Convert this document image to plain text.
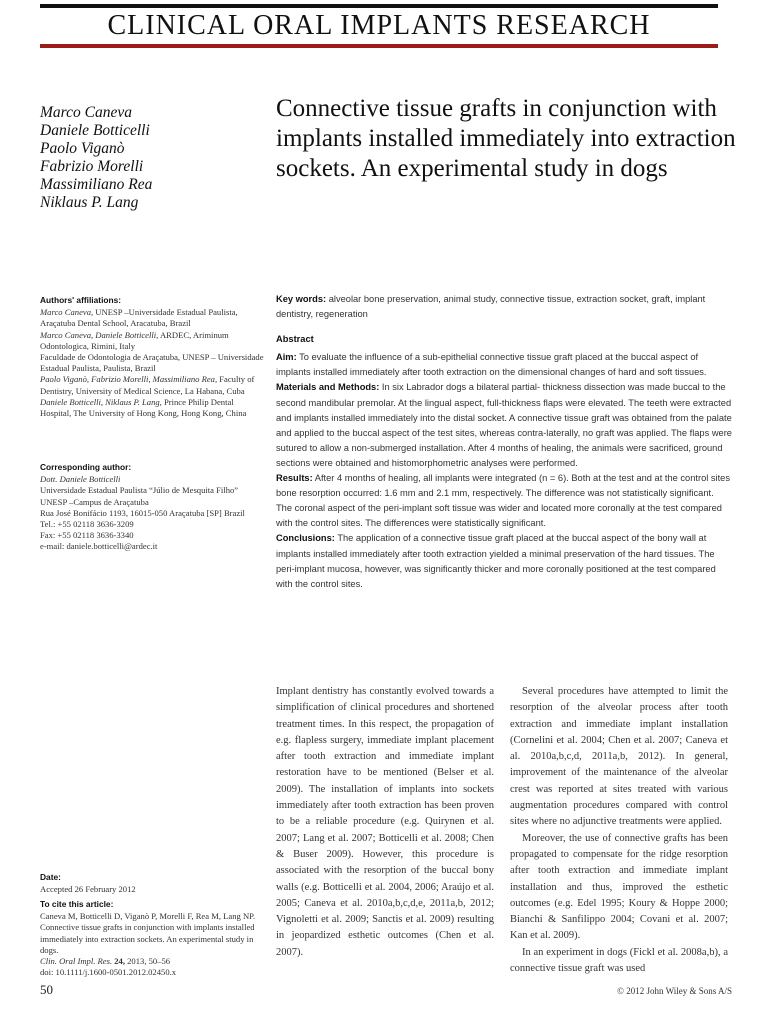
CLINICAL ORAL IMPLANTS RESEARCH
Marco Caneva
Daniele Botticelli
Paolo Viganò
Fabrizio Morelli
Massimiliano Rea
Niklaus P. Lang
Connective tissue grafts in conjunction with implants installed immediately into extraction sockets. An experimental study in dogs
Authors' affiliations:
Marco Caneva, UNESP –Universidade Estadual Paulista, Araçatuba Dental School, Aracatuba, Brazil
Marco Caneva, Daniele Botticelli, ARDEC, Ariminum Odontologica, Rimini, Italy
Faculdade de Odontologia de Araçatuba, UNESP – Universidade Estadual Paulista, Paulista, Brazil
Paolo Viganò, Fabrizio Morelli, Massimiliano Rea, Faculty of Dentistry, University of Medical Science, La Habana, Cuba
Daniele Botticelli, Niklaus P. Lang, Prince Philip Dental Hospital, The University of Hong Kong, Hong Kong, China
Corresponding author:
Dott. Daniele Botticelli
Universidade Estadual Paulista “Júlio de Mesquita Filho”
UNESP –Campus de Araçatuba
Rua José Bonifácio 1193, 16015-050 Araçatuba [SP] Brazil
Tel.: +55 02118 3636-3209
Fax: +55 02118 3636-3340
e-mail: daniele.botticelli@ardec.it
Date:
Accepted 26 February 2012
To cite this article:
Caneva M, Botticelli D, Viganò P, Morelli F, Rea M, Lang NP. Connective tissue grafts in conjunction with implants installed immediately into extraction sockets. An experimental study in dogs.
Clin. Oral Impl. Res. 24, 2013, 50–56
doi: 10.1111/j.1600-0501.2012.02450.x

Key words: alveolar bone preservation, animal study, connective tissue, extraction socket, graft, implant dentistry, regeneration

Abstract

Aim: To evaluate the influence of a sub-epithelial connective tissue graft placed at the buccal aspect of implants installed immediately after tooth extraction on the dimensional changes of hard and soft tissues.

Materials and Methods: In six Labrador dogs a bilateral partial- thickness dissection was made buccal to the second mandibular premolar. At the lingual aspect, full-thickness flaps were elevated. The teeth were extracted and implants installed immediately into the distal socket. A connective tissue graft was obtained from the palate and applied to the buccal aspect of the test sites, whereas contra-laterally, no graft was applied. The flaps were sutured to allow a non-submerged installation. After 4 months of healing, the animals were sacrificed, ground sections were obtained and histomorphometric analyses were performed.

Results: After 4 months of healing, all implants were integrated (n = 6). Both at the test and at the control sites bone resorption occurred: 1.6 mm and 2.1 mm, respectively. The difference was not statistically significant. The coronal aspect of the peri-implant soft tissue was wider and located more coronally at the test compared with the control sites. The differences were statistically significant.

Conclusions: The application of a connective tissue graft placed at the buccal aspect of the bony wall at implants installed immediately after tooth extraction yielded a minimal preservation of the hard tissues. The peri-implant mucosa, however, was significantly thicker and more coronally positioned at the test compared with the control sites.

Implant dentistry has constantly evolved towards a simplification of clinical procedures and shortened treatment times. In this respect, the propagation of e.g. flapless surgery, immediate implant placement after tooth extraction and immediate implant restoration have to be mentioned (Belser et al. 2009). The installation of implants into sockets immediately after tooth extraction has been proven to be a reliable procedure (e.g. Quirynen et al. 2007; Lang et al. 2007; Botticelli et al. 2008; Chen & Buser 2009). However, this procedure is associated with the resorption of the buccal bony walls (e.g. Botticelli et al. 2004, 2006; Araújo et al. 2005; Caneva et al. 2010a,b,c,d,e, 2011a,b, 2012; Vignoletti et al. 2009; Sanctis et al. 2009) resulting in jeopardized esthetic outcomes (Chen et al. 2007).

Several procedures have attempted to limit the resorption of the alveolar process after tooth extraction and immediate implant installation (Cornelini et al. 2004; Chen et al. 2007; Caneva et al. 2010a,b,c,d, 2011a,b, 2012). In general, improvement of the maintenance of the alveolar crest was reported at sites treated with various augmentation procedures compared with control sites where no adjunctive treatments were applied.

Moreover, the use of connective grafts has been propagated to compensate for the ridge resorption after tooth extraction and immediate implant installation and thus, improved the esthetic outcomes (e.g. Edel 1995; Koury & Hoppe 2000; Bianchi & Sanfilippo 2004; Covani et al. 2007; Kan et al. 2009).

In an experiment in dogs (Fickl et al. 2008a,b), a connective tissue graft was used

50	© 2012 John Wiley & Sons A/S
